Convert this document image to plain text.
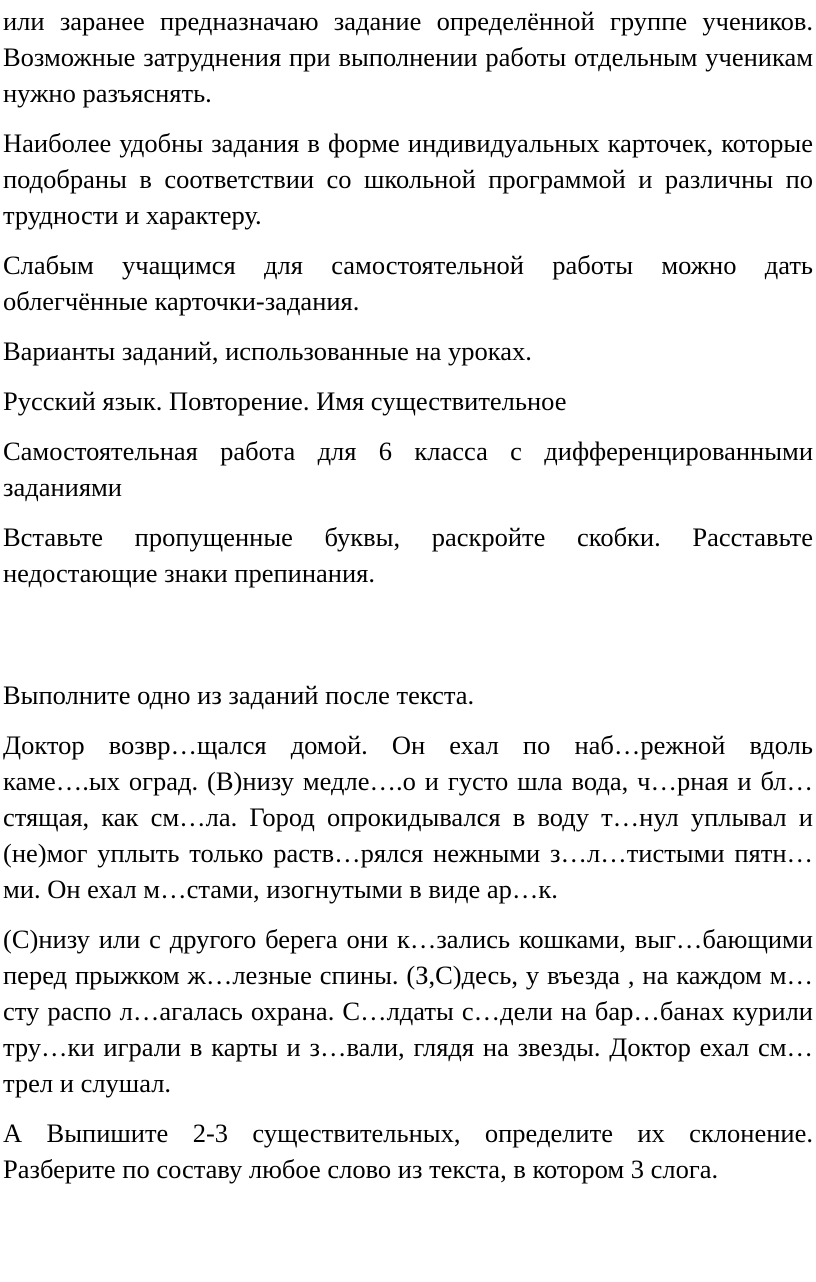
или заранее предназначаю задание определённой группе учеников. Возможные затруднения при выполнении работы отдельным ученикам нужно разъяснять.

Наиболее удобны задания в форме индивидуальных карточек, которые подобраны в соответствии со школьной программой и различны по трудности и характеру.

Слабым учащимся для самостоятельной работы можно дать облегчённые карточки-задания.

Варианты заданий, использованные на уроках.

Русский язык. Повторение. Имя существительное

Самостоятельная работа для 6 класса с дифференцированными заданиями

Вставьте пропущенные буквы, раскройте скобки. Расставьте недостающие знаки препинания.

Выполните одно из заданий после текста.

Доктор возвр…щался домой. Он ехал по наб…режной вдоль каме….ых оград. (В)низу медле….о и густо шла вода, ч…рная и бл…стящая, как см…ла. Город опрокидывался в воду т…нул уплывал и (не)мог уплыть только раств…рялся нежными з…л…тистыми пятн…ми. Он ехал м…стами, изогнутыми в виде ар…к.

(С)низу или с другого берега они к…зались кошками, выг…бающими перед прыжком ж…лезные спины. (З,С)десь, у въезда , на каждом м…сту распо л…агалась охрана. С…лдаты с…дели на бар…банах курили тру…ки играли в карты и з…вали, глядя на звезды. Доктор ехал см…трел и слушал.

А Выпишите 2-3 существительных, определите их склонение. Разберите по составу любое слово из текста, в котором 3 слога.
